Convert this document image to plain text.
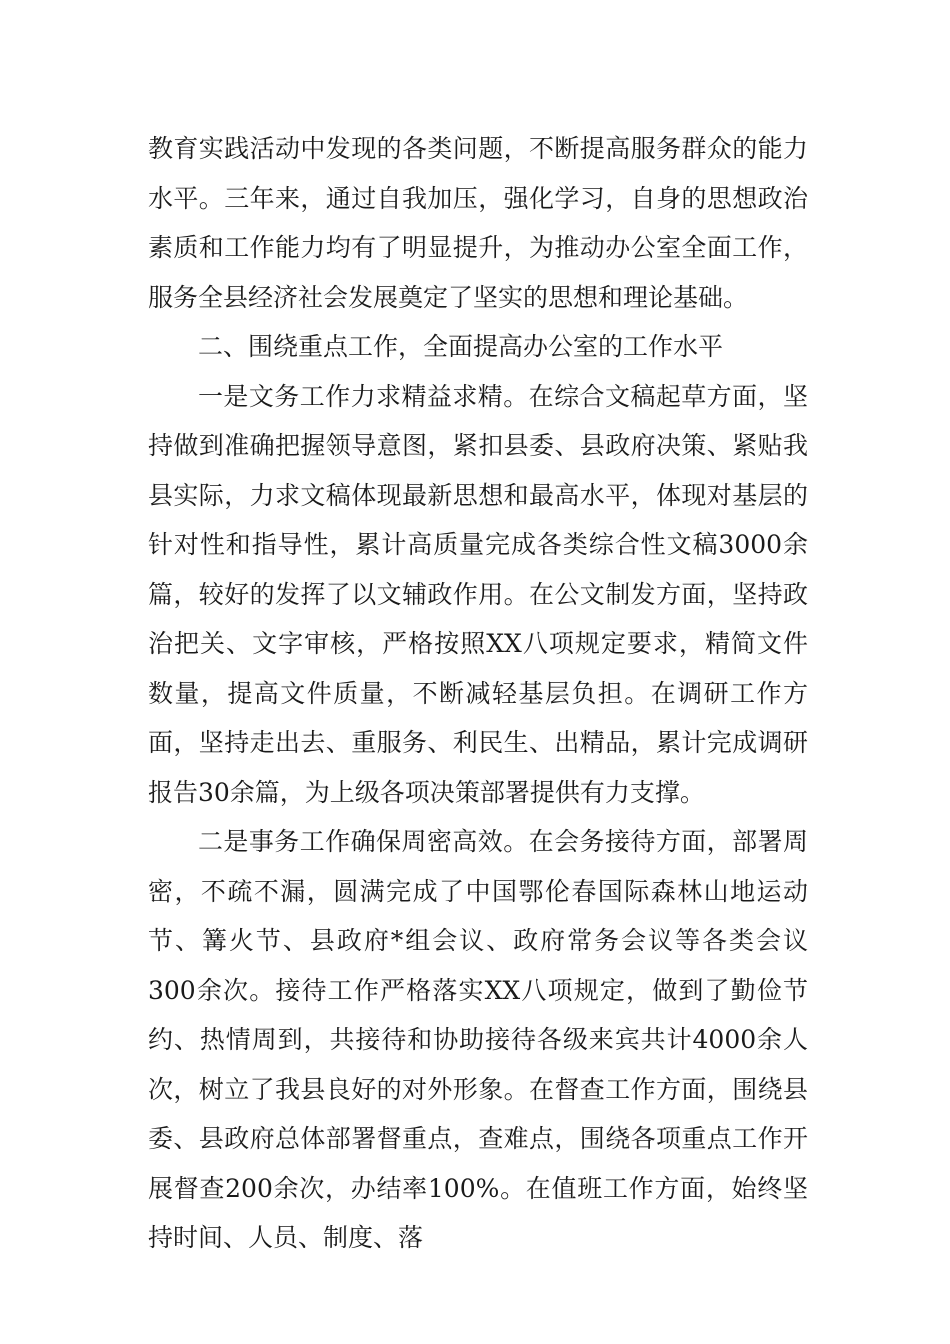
教育实践活动中发现的各类问题，不断提高服务群众的能力水平。三年来，通过自我加压，强化学习，自身的思想政治素质和工作能力均有了明显提升，为推动办公室全面工作，服务全县经济社会发展奠定了坚实的思想和理论基础。

二、围绕重点工作，全面提高办公室的工作水平

一是文务工作力求精益求精。在综合文稿起草方面，坚持做到准确把握领导意图，紧扣县委、县政府决策、紧贴我县实际，力求文稿体现最新思想和最高水平，体现对基层的针对性和指导性，累计高质量完成各类综合性文稿3000余篇，较好的发挥了以文辅政作用。在公文制发方面，坚持政治把关、文字审核，严格按照XX八项规定要求，精简文件数量，提高文件质量，不断减轻基层负担。在调研工作方面，坚持走出去、重服务、利民生、出精品，累计完成调研报告30余篇，为上级各项决策部署提供有力支撑。

二是事务工作确保周密高效。在会务接待方面，部署周密，不疏不漏，圆满完成了中国鄂伦春国际森林山地运动节、篝火节、县政府*组会议、政府常务会议等各类会议300余次。接待工作严格落实XX八项规定，做到了勤俭节约、热情周到，共接待和协助接待各级来宾共计4000余人次，树立了我县良好的对外形象。在督查工作方面，围绕县委、县政府总体部署督重点，查难点，围绕各项重点工作开展督查200余次，办结率100%。在值班工作方面，始终坚持时间、人员、制度、落
